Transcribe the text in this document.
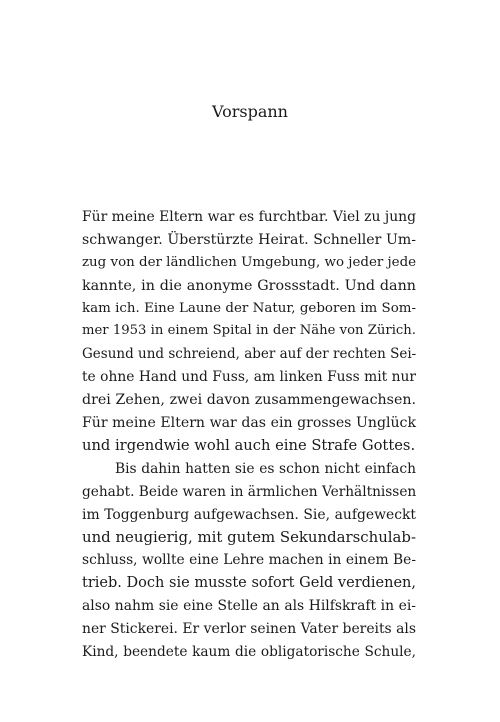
Vorspann
Für meine Eltern war es furchtbar. Viel zu jung
schwanger. Überstürzte Heirat. Schneller Um-
zug von der ländlichen Umgebung, wo jeder jede
kannte, in die anonyme Grossstadt. Und dann
kam ich. Eine Laune der Natur, geboren im Som-
mer 1953 in einem Spital in der Nähe von Zürich.
Gesund und schreiend, aber auf der rechten Sei-
te ohne Hand und Fuss, am linken Fuss mit nur
drei Zehen, zwei davon zusammengewachsen.
Für meine Eltern war das ein grosses Unglück
und irgendwie wohl auch eine Strafe Gottes.
Bis dahin hatten sie es schon nicht einfach
gehabt. Beide waren in ärmlichen Verhältnissen
im Toggenburg aufgewachsen. Sie, aufgeweckt
und neugierig, mit gutem Sekundarschulab-
schluss, wollte eine Lehre machen in einem Be-
trieb. Doch sie musste sofort Geld verdienen,
also nahm sie eine Stelle an als Hilfskraft in ei-
ner Stickerei. Er verlor seinen Vater bereits als
Kind, beendete kaum die obligatorische Schule,
